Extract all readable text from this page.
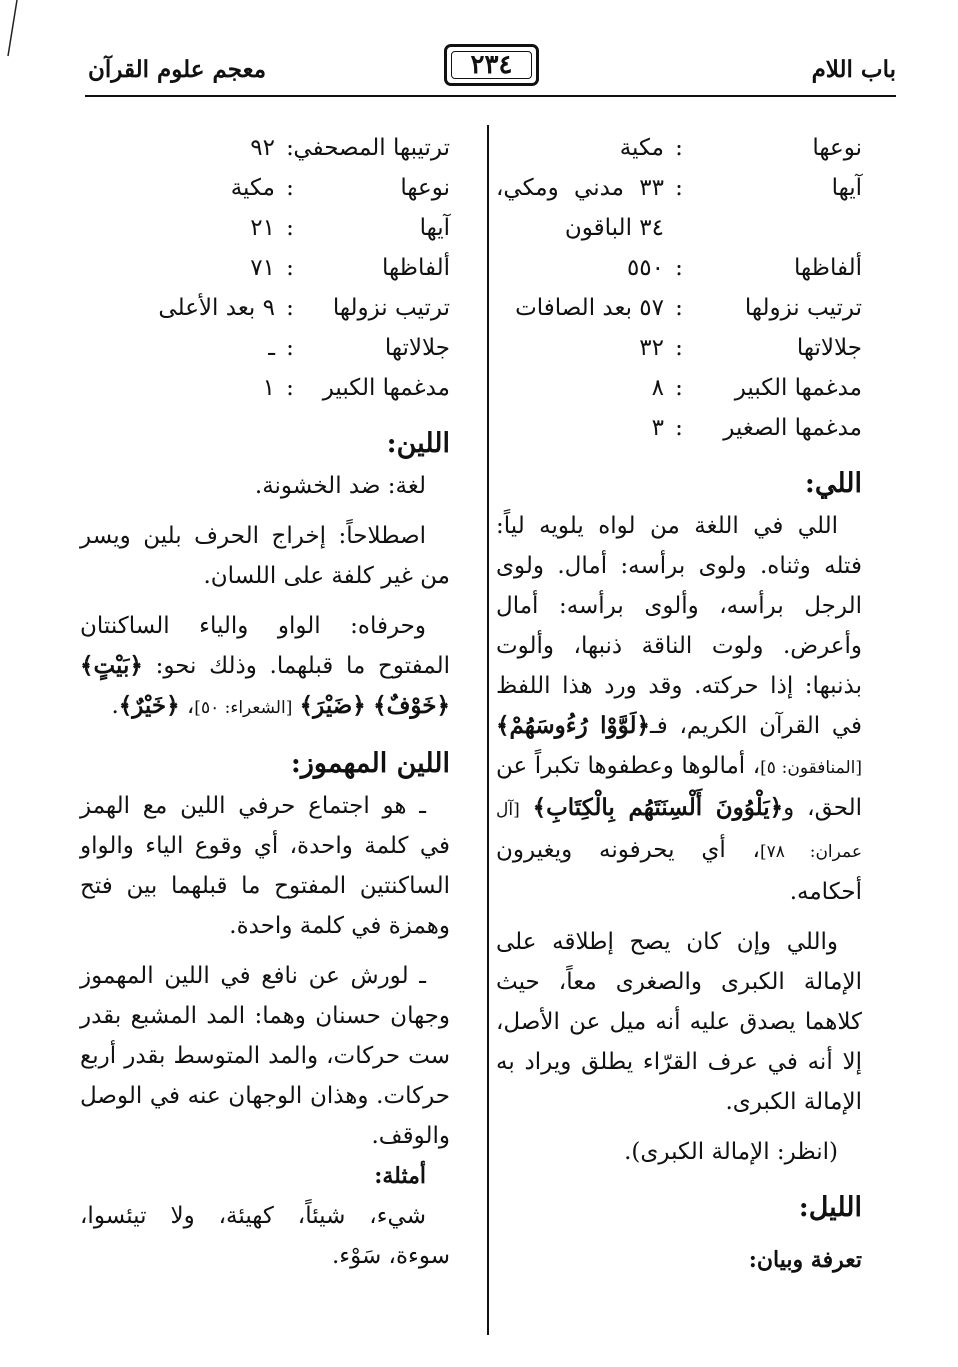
باب اللام
٢٣٤
معجم علوم القرآن
نوعها
:
مكية
آيها
:
٣٣ مدني ومكي، ٣٤ الباقون
ألفاظها
:
٥٥٠
ترتيب نزولها
:
٥٧ بعد الصافات
جلالاتها
:
٣٢
مدغمها الكبير
:
٨
مدغمها الصغير
:
٣
اللي:

اللي في اللغة من لواه يلويه لياً: فتله وثناه. ولوى برأسه: أمال. ولوى الرجل برأسه، وألوى برأسه: أمال وأعرض. ولوت الناقة ذنبها، وألوت بذنبها: إذا حركته. وقد ورد هذا اللفظ في القرآن الكريم، فـ﴿لَوَّوْا رُءُوسَهُمْ﴾ [المنافقون: ٥]، أمالوها وعطفوها تكبراً عن الحق، و﴿يَلْوُونَ أَلْسِنَتَهُم بِالْكِتَابِ﴾ [آل عمران: ٧٨]، أي يحرفونه ويغيرون أحكامه.

واللي وإن كان يصح إطلاقه على الإمالة الكبرى والصغرى معاً، حيث كلاهما يصدق عليه أنه ميل عن الأصل، إلا أنه في عرف القرّاء يطلق ويراد به الإمالة الكبرى.

(انظر: الإمالة الكبرى).

الليل:
تعرفة وبيان:
ترتيبها المصحفي
:
٩٢
نوعها
:
مكية
آيها
:
٢١
ألفاظها
:
٧١
ترتيب نزولها
:
٩ بعد الأعلى
جلالاتها
:
ـ
مدغمها الكبير
:
١
اللين:

لغة: ضد الخشونة.

اصطلاحاً: إخراج الحرف بلين ويسر من غير كلفة على اللسان.

وحرفاه: الواو والياء الساكنتان المفتوح ما قبلهما. وذلك نحو: ﴿بَيْتٍ﴾ ﴿خَوْفٌ﴾ ﴿ضَيْرَ﴾ [الشعراء: ٥٠]، ﴿خَيْرٌ﴾.

اللين المهموز:

ـ هو اجتماع حرفي اللين مع الهمز في كلمة واحدة، أي وقوع الياء والواو الساكنتين المفتوح ما قبلهما بين فتح وهمزة في كلمة واحدة.

ـ لورش عن نافع في اللين المهموز وجهان حسنان وهما: المد المشبع بقدر ست حركات، والمد المتوسط بقدر أربع حركات. وهذان الوجهان عنه في الوصل والوقف.

أمثلة:

شيء، شيئاً، كهيئة، ولا تيئسوا، سوءة، سَوْء.
